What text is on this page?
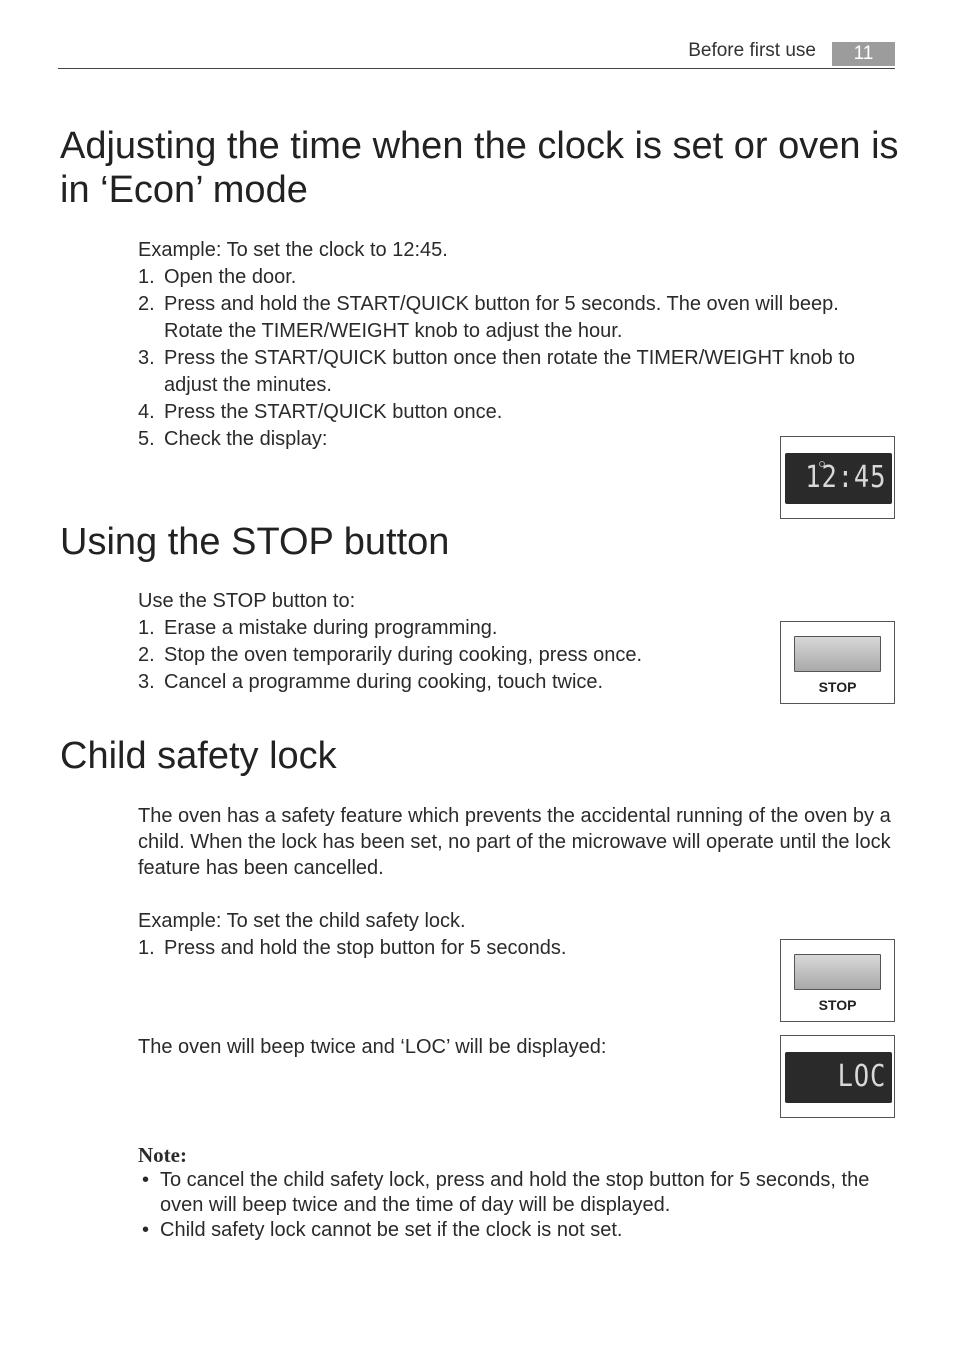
Before first use	11
Adjusting the time when the clock is set or oven is
in ‘Econ’ mode
Example: To set the clock to 12:45.
1. Open the door.
2. Press and hold the START/QUICK button for 5 seconds. The oven will beep. Rotate the TIMER/WEIGHT knob to adjust the hour.
3. Press the START/QUICK button once then rotate the TIMER/WEIGHT knob to adjust the minutes.
4. Press the START/QUICK button once.
5. Check the display:
12:45
Using the STOP button
Use the STOP button to:
1. Erase a mistake during programming.
2. Stop the oven temporarily during cooking, press once.
3. Cancel a programme during cooking, touch twice.	STOP
Child safety lock
The oven has a safety feature which prevents the accidental running of the oven by a child. When the lock has been set, no part of the microwave will operate until the lock feature has been cancelled.
Example: To set the child safety lock.
1. Press and hold the stop button for 5 seconds.
STOP
The oven will beep twice and ‘LOC’ will be displayed:
LOC
Note:
• To cancel the child safety lock, press and hold the stop button for 5 seconds, the oven will beep twice and the time of day will be displayed.
• Child safety lock cannot be set if the clock is not set.
